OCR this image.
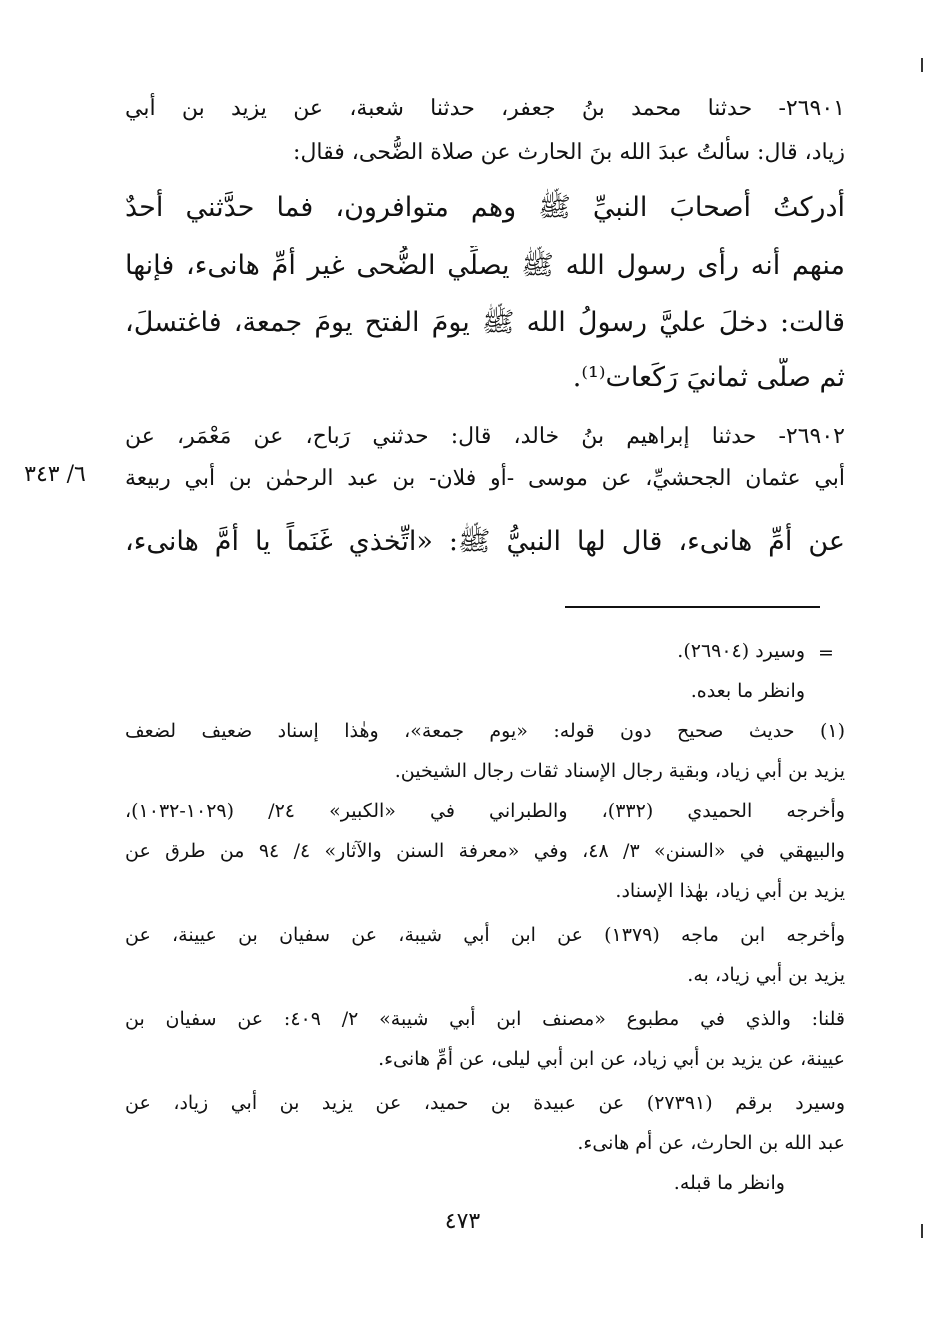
٢٦٩٠١- حدثنا محمد بنُ جعفر، حدثنا شعبة، عن يزيد بن أبي
زياد، قال: سألتُ عبدَ الله بنَ الحارث عن صلاة الضُّحى، فقال:
أدركتُ أصحابَ النبيِّ ﷺ وهم متوافرون، فما حدَّثني أحدٌ
منهم أنه رأى رسول الله ﷺ يصلِّي الضُّحى غير أمِّ هانىء، فإنها
قالت: دخلَ عليَّ رسولُ الله ﷺ يومَ الفتح يومَ جمعة، فاغتسلَ،
ثم صلَّى ثمانيَ رَكَعات⁽¹⁾.
٢٦٩٠٢- حدثنا إبراهيم بنُ خالد، قال: حدثني رَباح، عن مَعْمَر، عن
أبي عثمان الجحشيِّ، عن موسى -أو فلان- بن عبد الرحمٰن بن أبي ربيعة
عن أمِّ هانىء، قال لها النبيُّ ﷺ: «اتِّخذي غَنَماً يا أُمَّ هانىء،
٦/ ٣٤٣
=
وسيرد (٢٦٩٠٤).
وانظر ما بعده.
(١) حديث صحيح دون قوله: «يوم جمعة»، وهٰذا إسناد ضعيف لضعف
يزيد بن أبي زياد، وبقية رجال الإسناد ثقات رجال الشيخين.
وأخرجه الحميدي (٣٣٢)، والطبراني في «الكبير» ٢٤/ (١٠٢٩-١٠٣٢)،
والبيهقي في «السنن» ٣/ ٤٨، وفي «معرفة السنن والآثار» ٤/ ٩٤ من طرق عن
يزيد بن أبي زياد، بهٰذا الإسناد.
وأخرجه ابن ماجه (١٣٧٩) عن ابن أبي شيبة، عن سفيان بن عيينة، عن
يزيد بن أبي زياد، به.
قلنا: والذي في مطبوع «مصنف ابن أبي شيبة» ٢/ ٤٠٩: عن سفيان بن
عيينة، عن يزيد بن أبي زياد، عن ابن أبي ليلى، عن أمِّ هانىء.
وسيرد برقم (٢٧٣٩١) عن عبيدة بن حميد، عن يزيد بن أبي زياد، عن
عبد الله بن الحارث، عن أم هانىء.
وانظر ما قبله.
٤٧٣
